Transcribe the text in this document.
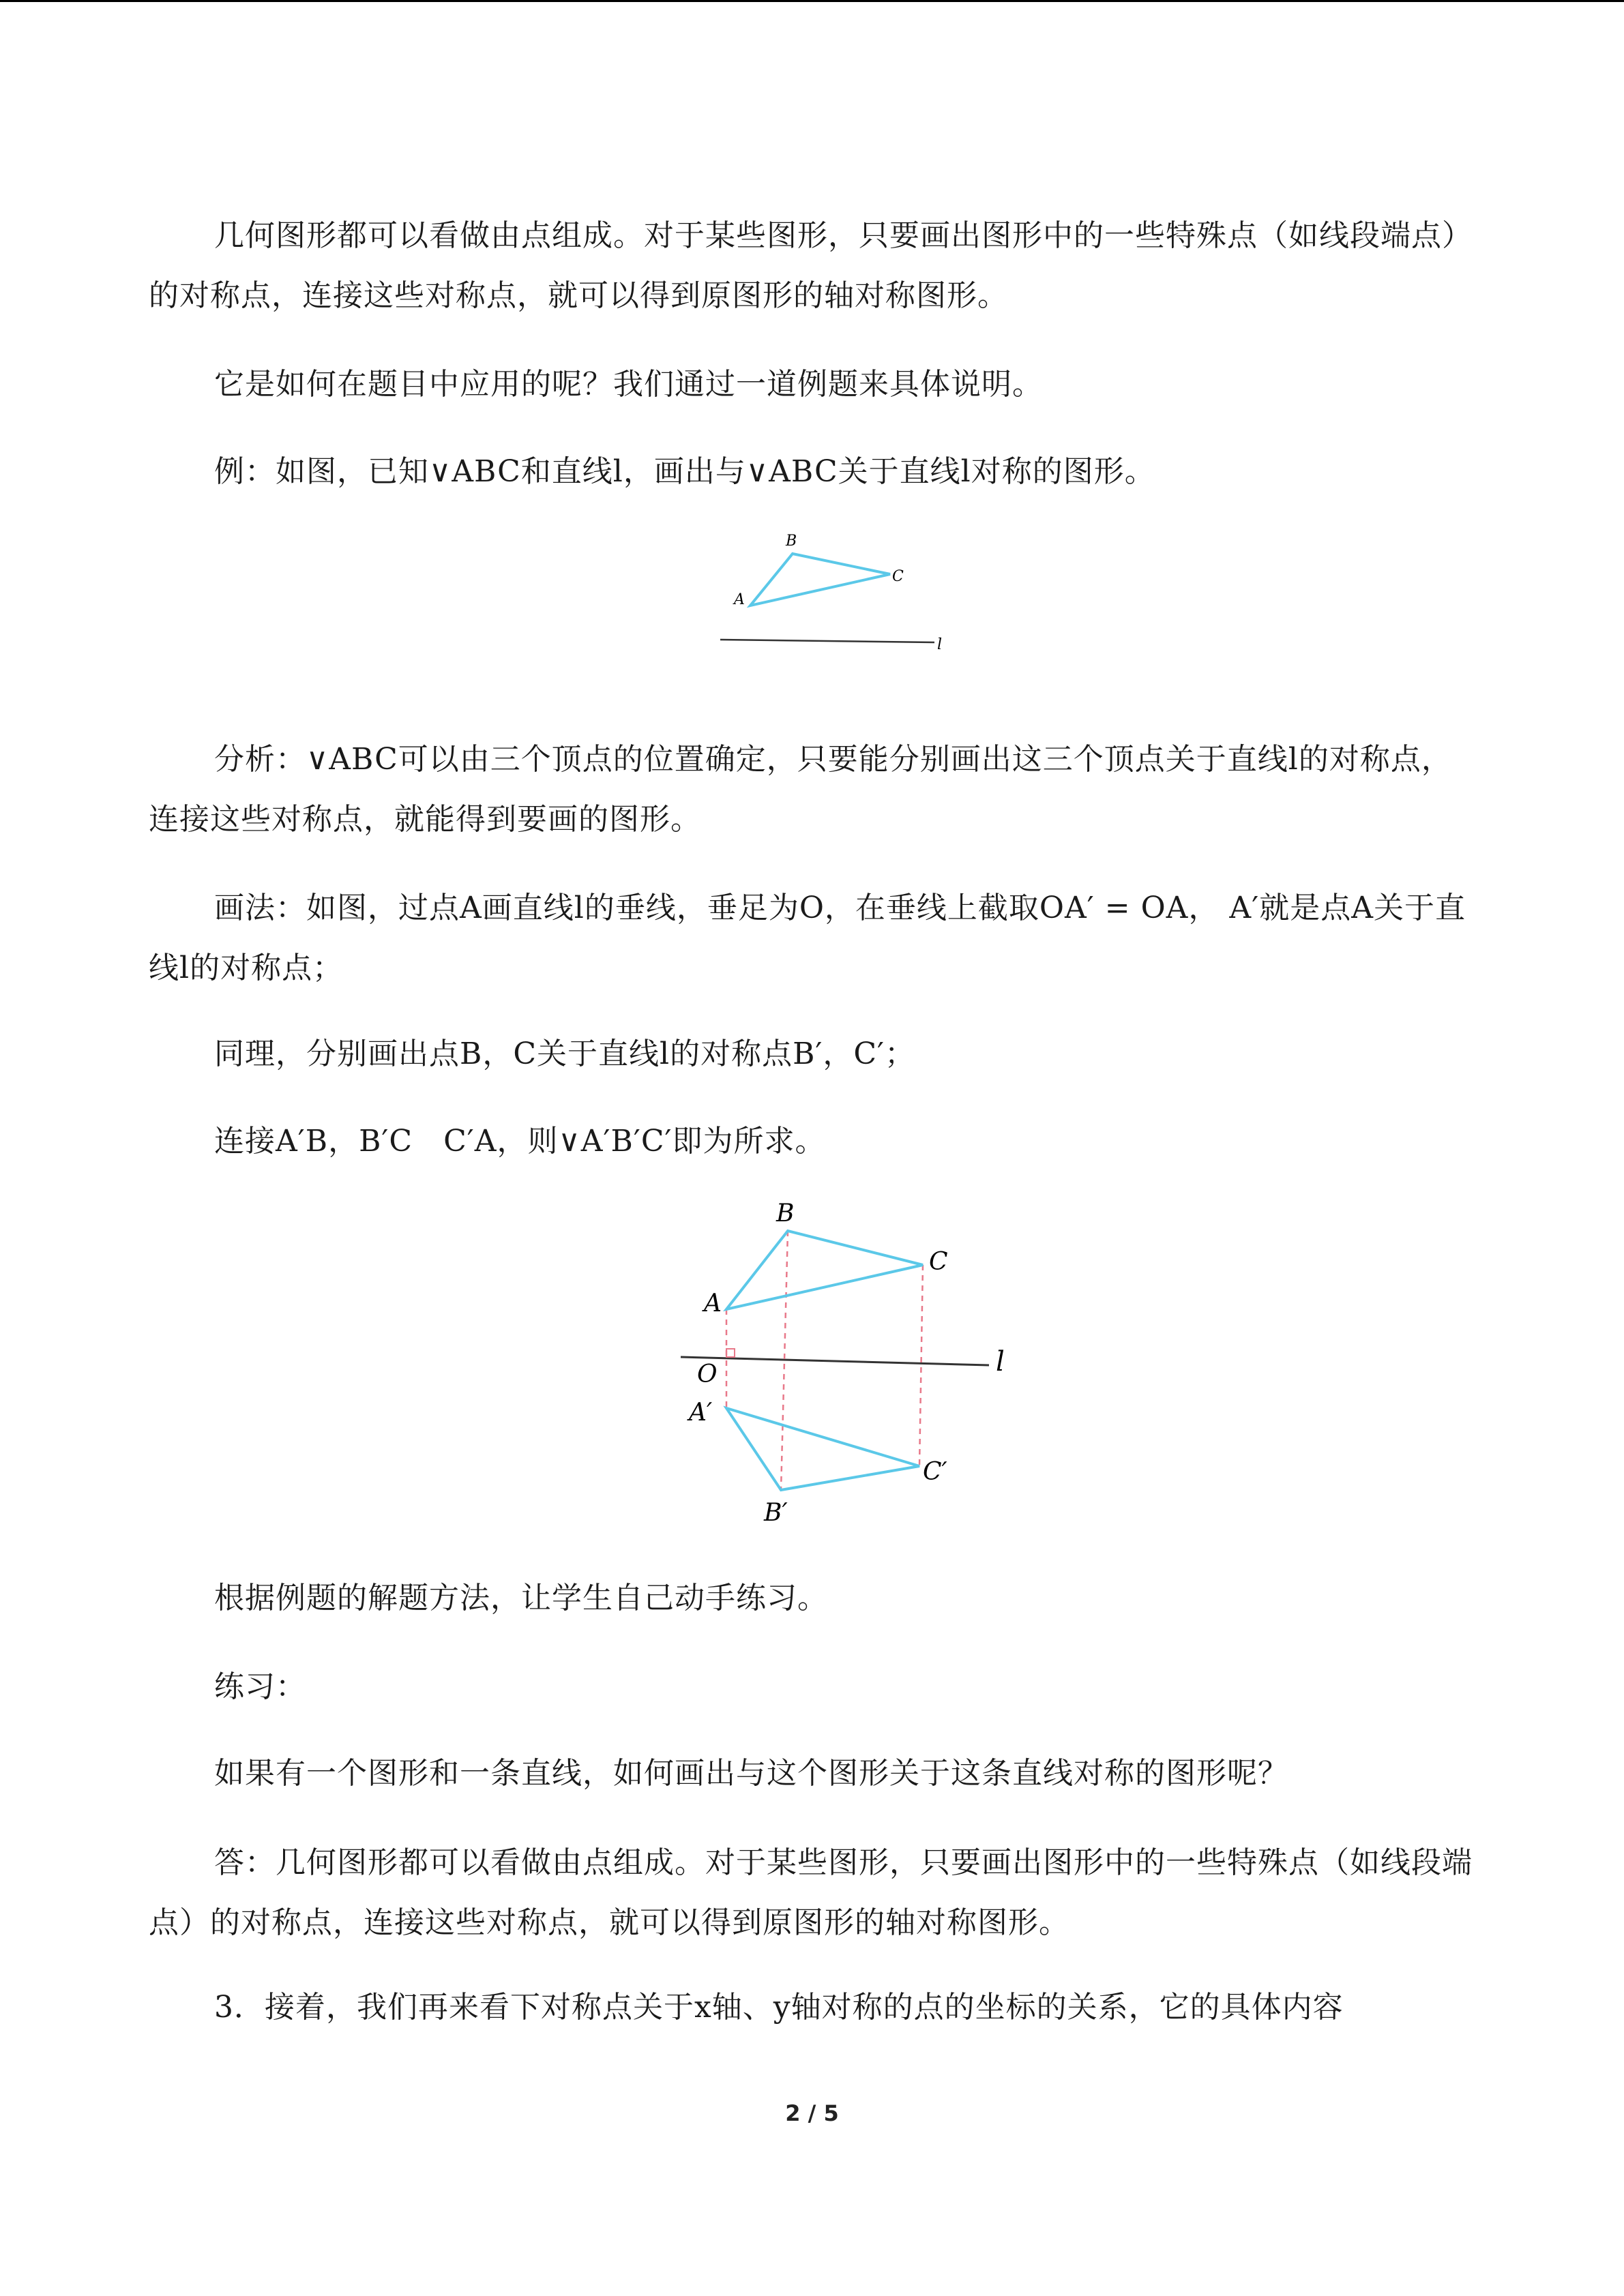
几何图形都可以看做由点组成。对于某些图形，只要画出图形中的一些特殊点（如线段端点）的对称点，连接这些对称点，就可以得到原图形的轴对称图形。

它是如何在题目中应用的呢？我们通过一道例题来具体说明。

例：如图，已知∨ABC和直线l，画出与∨ABC关于直线l对称的图形。

A
B
C
l

分析：∨ABC可以由三个顶点的位置确定，只要能分别画出这三个顶点关于直线l的对称点，连接这些对称点，就能得到要画的图形。

画法：如图，过点A画直线l的垂线，垂足为O，在垂线上截取OA′ = OA， A′就是点A关于直线l的对称点；

同理，分别画出点B，C关于直线l的对称点B′，C′；

连接A′B，B′C　C′A，则∨A′B′C′即为所求。

A
B
C
O	l
A′
B′
C′

根据例题的解题方法，让学生自己动手练习。

练习：

如果有一个图形和一条直线，如何画出与这个图形关于这条直线对称的图形呢？

答：几何图形都可以看做由点组成。对于某些图形，只要画出图形中的一些特殊点（如线段端点）的对称点，连接这些对称点，就可以得到原图形的轴对称图形。

3．接着，我们再来看下对称点关于x轴、y轴对称的点的坐标的关系，它的具体内容

2 / 5
